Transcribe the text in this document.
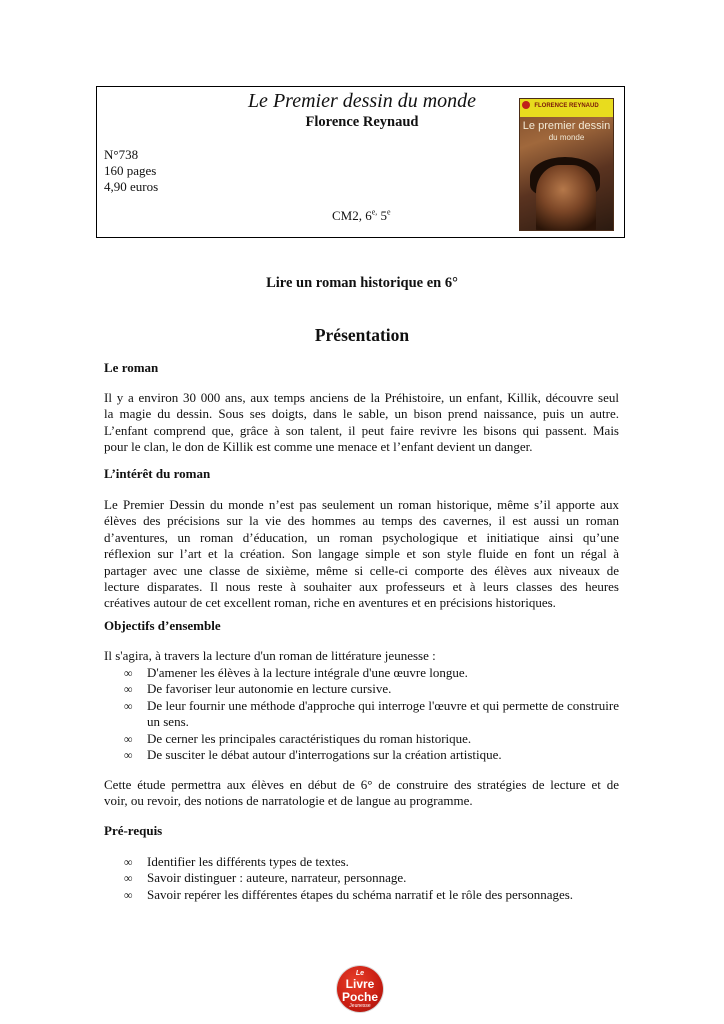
Le Premier dessin du monde
Florence Reynaud
N°738
160 pages
4,90 euros
CM2, $6^{e,}$ 5e
FLORENCE REYNAUD
Le premier dessin
du monde
Lire un roman historique en 6°
Présentation
Le roman
Il y a environ 30 000 ans, aux temps anciens de la Préhistoire, un enfant, Killik, découvre seul
la magie du dessin. Sous ses doigts, dans le sable, un bison prend naissance, puis un autre.
L’enfant comprend que, grâce à son talent, il peut faire revivre les bisons qui passent. Mais
pour le clan, le don de Killik est comme une menace et l’enfant devient un danger.
L’intérêt du roman
Le Premier Dessin du monde n’est pas seulement un roman historique, même s’il apporte aux
élèves des précisions sur la vie des hommes au temps des cavernes, il est aussi un roman
d’aventures, un roman d’éducation, un roman psychologique et initiatique ainsi qu’une
réflexion sur l’art et la création. Son langage simple et son style fluide en font un régal à
partager avec une classe de sixième, même si celle-ci comporte des élèves aux niveaux de
lecture disparates. Il nous reste à souhaiter aux professeurs et à leurs classes des heures
créatives autour de cet excellent roman, riche en aventures et en précisions historiques.
Objectifs d’ensemble
Il s'agira, à travers la lecture d'un roman de littérature jeunesse :
∞ D'amener les élèves à la lecture intégrale d'une œuvre longue.
∞ De favoriser leur autonomie en lecture cursive.
∞ De leur fournir une méthode d'approche qui interroge l'œuvre et qui permette de construire un sens.
∞ De cerner les principales caractéristiques du roman historique.
∞ De susciter le débat autour d'interrogations sur la création artistique.
Cette étude permettra aux élèves en début de 6° de construire des stratégies de lecture et de
voir, ou revoir, des notions de narratologie et de langue au programme.
Pré-requis
∞ Identifier les différents types de textes.
∞ Savoir distinguer : auteure, narrateur, personnage.
∞ Savoir repérer les différentes étapes du schéma narratif et le rôle des personnages.
Le
Livre
Poche
Jeunesse
